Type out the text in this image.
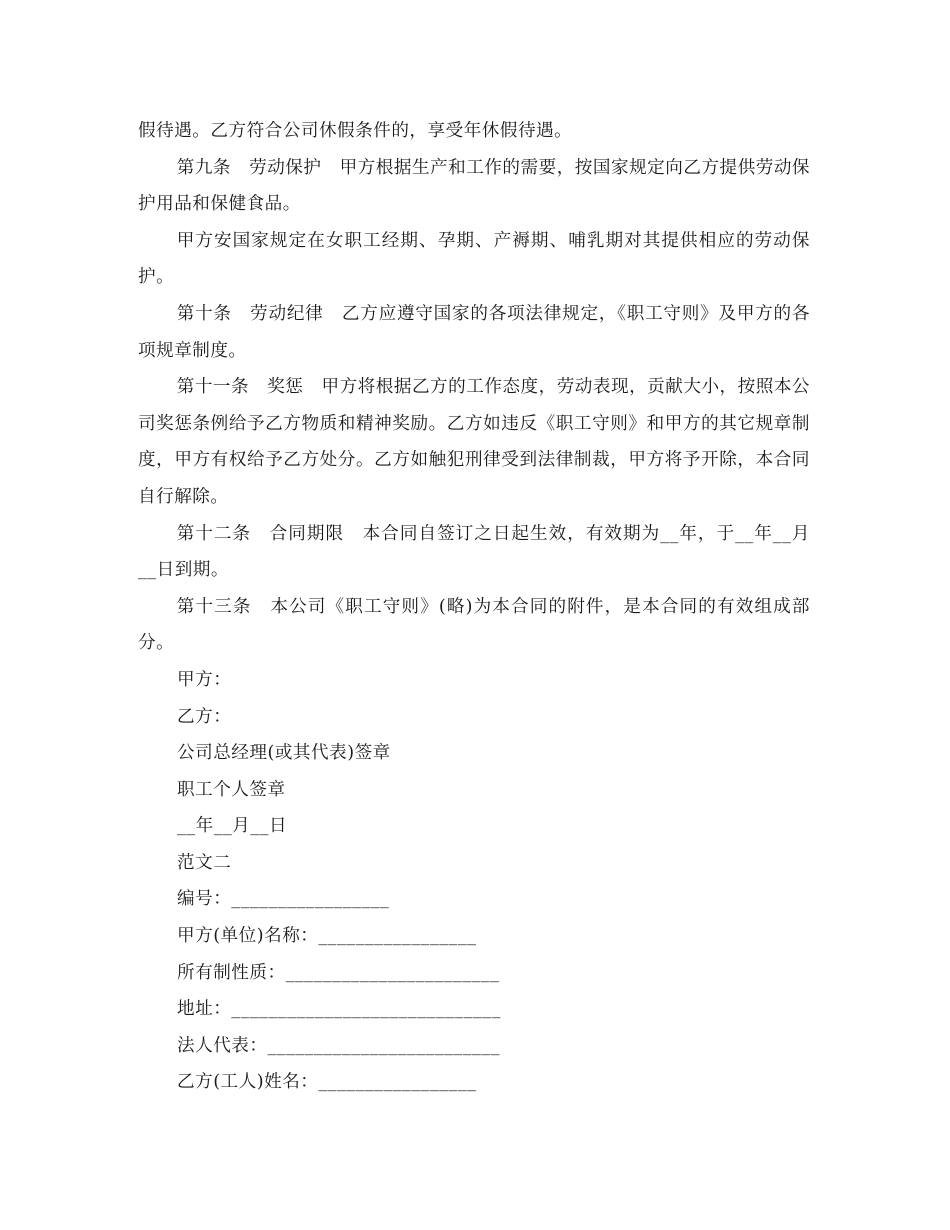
假待遇。乙方符合公司休假条件的，享受年休假待遇。

第九条　劳动保护　甲方根据生产和工作的需要，按国家规定向乙方提供劳动保护用品和保健食品。

甲方安国家规定在女职工经期、孕期、产褥期、哺乳期对其提供相应的劳动保护。

第十条　劳动纪律　乙方应遵守国家的各项法律规定，《职工守则》及甲方的各项规章制度。

第十一条　奖惩　甲方将根据乙方的工作态度，劳动表现，贡献大小，按照本公司奖惩条例给予乙方物质和精神奖励。乙方如违反《职工守则》和甲方的其它规章制度，甲方有权给予乙方处分。乙方如触犯刑律受到法律制裁，甲方将予开除，本合同自行解除。

第十二条　合同期限　本合同自签订之日起生效，有效期为__年，于__年__月__日到期。

第十三条　本公司《职工守则》(略)为本合同的附件，是本合同的有效组成部分。

甲方：

乙方：

公司总经理(或其代表)签章

职工个人签章

__年__月__日

范文二

编号：_________________

甲方(单位)名称：_________________

所有制性质：_______________________

地址：_____________________________

法人代表：_________________________

乙方(工人)姓名：_________________
